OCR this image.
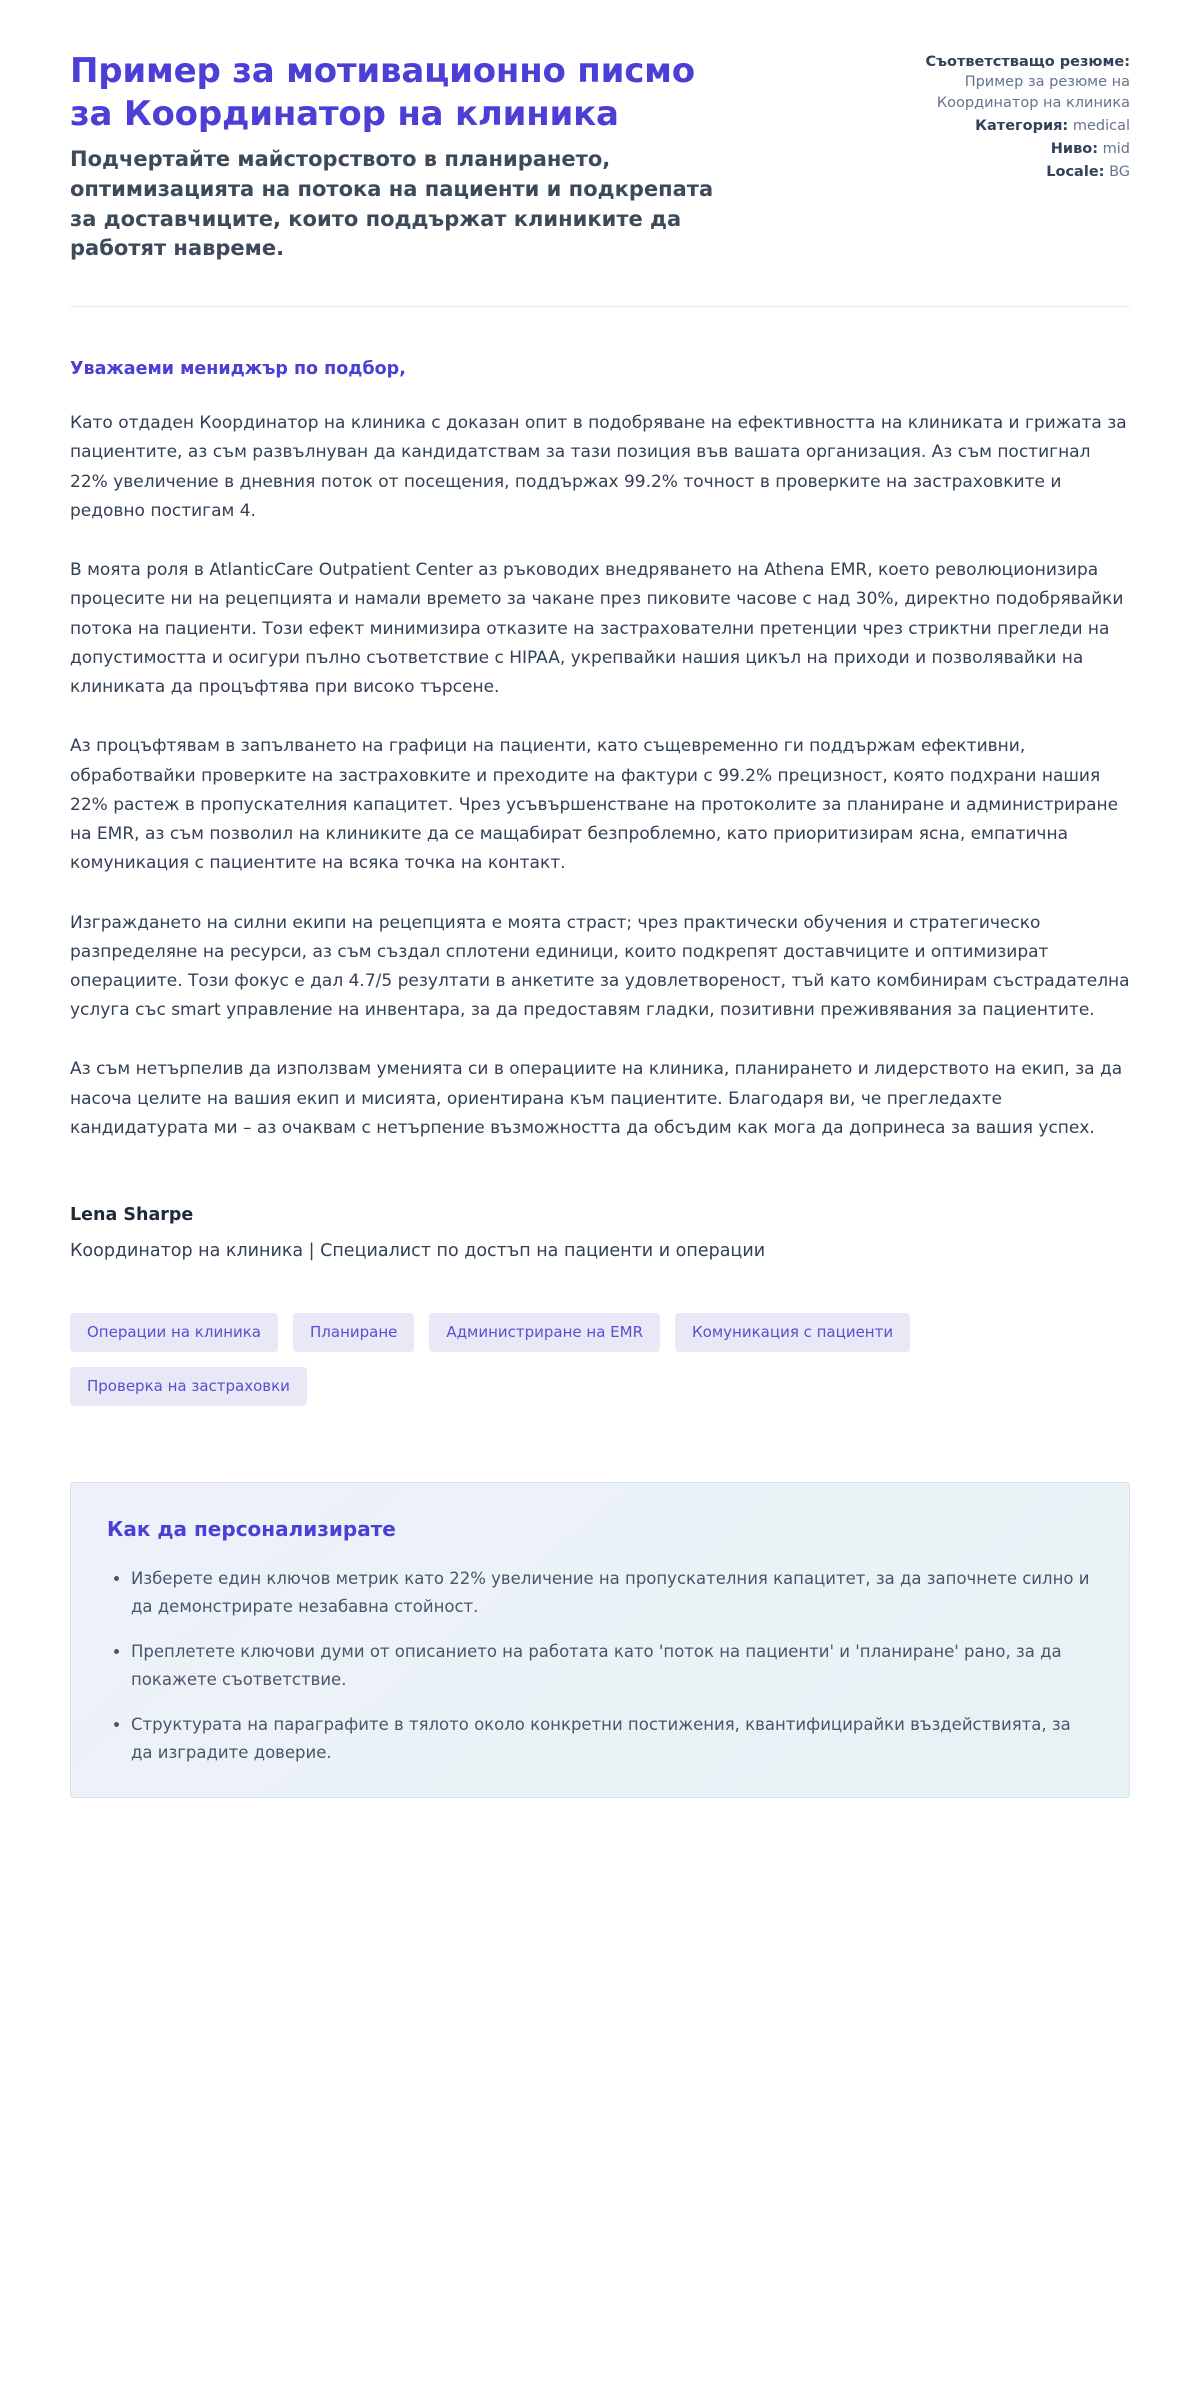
Пример за мотивационно писмо за Координатор на клиника

Подчертайте майсторството в планирането, оптимизацията на потока на пациенти и подкрепата за доставчиците, които поддържат клиниките да работят навреме.

Съответстващо резюме: Пример за резюме на Координатор на клиника
Категория: medical
Ниво: mid
Locale: BG

Уважаеми мениджър по подбор,

Като отдаден Координатор на клиника с доказан опит в подобряване на ефективността на клиниката и грижата за пациентите, аз съм развълнуван да кандидатствам за тази позиция във вашата организация. Аз съм постигнал 22% увеличение в дневния поток от посещения, поддържах 99.2% точност в проверките на застраховките и редовно постигам 4.

В моята роля в AtlanticCare Outpatient Center аз ръководих внедряването на Athena EMR, което революционизира процесите ни на рецепцията и намали времето за чакане през пиковите часове с над 30%, директно подобрявайки потока на пациенти. Този ефект минимизира отказите на застрахователни претенции чрез стриктни прегледи на допустимостта и осигури пълно съответствие с HIPAA, укрепвайки нашия цикъл на приходи и позволявайки на клиниката да процъфтява при високо търсене.

Аз процъфтявам в запълването на графици на пациенти, като същевременно ги поддържам ефективни, обработвайки проверките на застраховките и преходите на фактури с 99.2% прецизност, която подхрани нашия 22% растеж в пропускателния капацитет. Чрез усъвършенстване на протоколите за планиране и администриране на EMR, аз съм позволил на клиниките да се мащабират безпроблемно, като приоритизирам ясна, емпатична комуникация с пациентите на всяка точка на контакт.

Изграждането на силни екипи на рецепцията е моята страст; чрез практически обучения и стратегическо разпределяне на ресурси, аз съм създал сплотени единици, които подкрепят доставчиците и оптимизират операциите. Този фокус е дал 4.7/5 резултати в анкетите за удовлетвореност, тъй като комбинирам състрадателна услуга със smart управление на инвентара, за да предоставям гладки, позитивни преживявания за пациентите.

Аз съм нетърпелив да използвам уменията си в операциите на клиника, планирането и лидерството на екип, за да насоча целите на вашия екип и мисията, ориентирана към пациентите. Благодаря ви, че прегледахте кандидатурата ми – аз очаквам с нетърпение възможността да обсъдим как мога да допринеса за вашия успех.

Lena Sharpe

Координатор на клиника | Специалист по достъп на пациенти и операции

Операции на клиника	Планиране	Администриране на EMR	Комуникация с пациенти
Проверка на застраховки
Как да персонализирате
• Изберете един ключов метрик като 22% увеличение на пропускателния капацитет, за да започнете силно и да демонстрирате незабавна стойност.
• Преплетете ключови думи от описанието на работата като 'поток на пациенти' и 'планиране' рано, за да покажете съответствие.
• Структурата на параграфите в тялото около конкретни постижения, квантифицирайки въздействията, за да изградите доверие.
